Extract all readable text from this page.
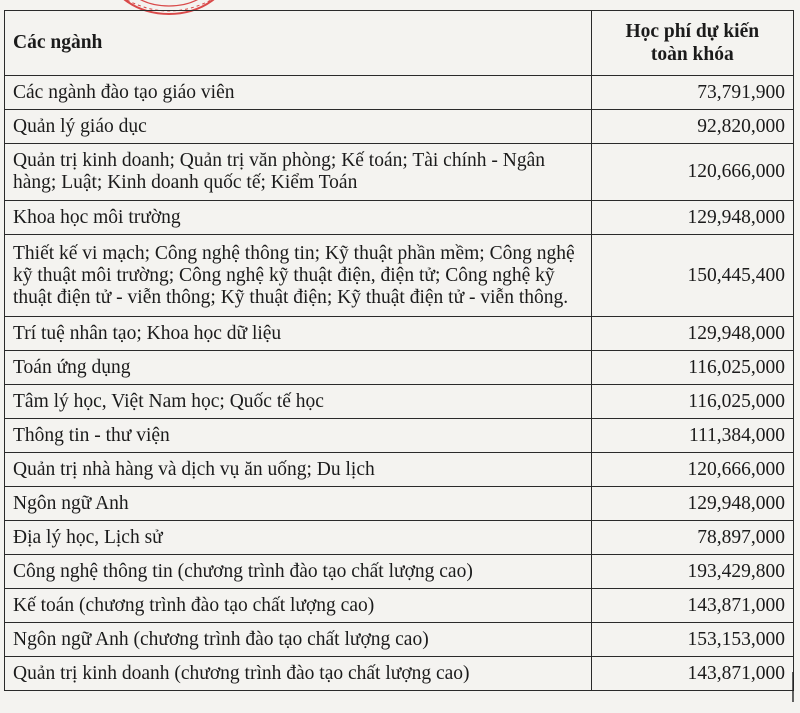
Các ngành	Học phí dự kiến
toàn khóa
Các ngành đào tạo giáo viên	73,791,900
Quản lý giáo dục	92,820,000
Quản trị kinh doanh; Quản trị văn phòng; Kế toán; Tài chính - Ngân hàng; Luật; Kinh doanh quốc tế; Kiểm Toán	120,666,000
Khoa học môi trường	129,948,000
Thiết kế vi mạch; Công nghệ thông tin; Kỹ thuật phần mềm; Công nghệ kỹ thuật môi trường; Công nghệ kỹ thuật điện, điện tử; Công nghệ kỹ thuật điện tử - viễn thông; Kỹ thuật điện; Kỹ thuật điện tử - viễn thông.	150,445,400
Trí tuệ nhân tạo; Khoa học dữ liệu	129,948,000
Toán ứng dụng	116,025,000
Tâm lý học, Việt Nam học; Quốc tế học	116,025,000
Thông tin - thư viện	111,384,000
Quản trị nhà hàng và dịch vụ ăn uống; Du lịch	120,666,000
Ngôn ngữ Anh	129,948,000
Địa lý học, Lịch sử	78,897,000
Công nghệ thông tin (chương trình đào tạo chất lượng cao)	193,429,800
Kế toán (chương trình đào tạo chất lượng cao)	143,871,000
Ngôn ngữ Anh (chương trình đào tạo chất lượng cao)	153,153,000
Quản trị kinh doanh (chương trình đào tạo chất lượng cao)	143,871,000
